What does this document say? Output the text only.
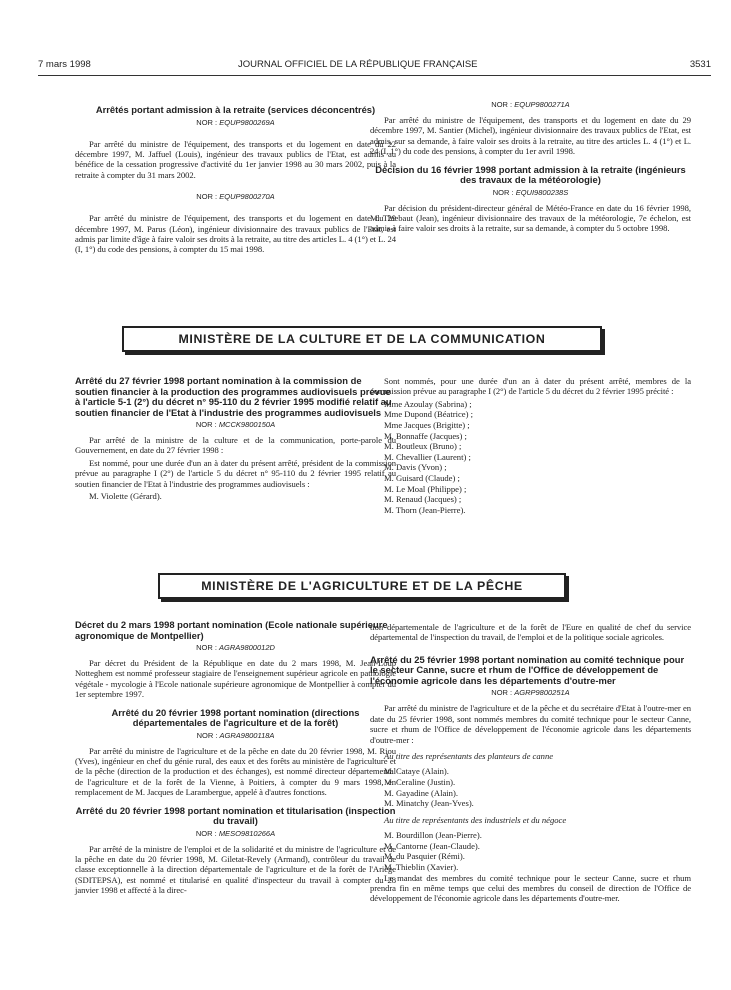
7 mars 1998	JOURNAL OFFICIEL DE LA RÉPUBLIQUE FRANÇAISE	3531
Arrêtés portant admission à la retraite (services déconcentrés)
NOR : EQUP9800269A

Par arrêté du ministre de l'équipement, des transports et du logement en date du 22 décembre 1997, M. Jaffuel (Louis), ingénieur des travaux publics de l'Etat, est admis au bénéfice de la cessation progressive d'activité du 1er janvier 1998 au 30 mars 2002, puis à la retraite à compter du 31 mars 2002.

NOR : EQUP9800270A

Par arrêté du ministre de l'équipement, des transports et du logement en date du 29 décembre 1997, M. Parus (Léon), ingénieur divisionnaire des travaux publics de l'Etat, est admis par limite d'âge à faire valoir ses droits à la retraite, au titre des articles L. 4 (1°) et L. 24 (I, 1°) du code des pensions, à compter du 15 mai 1998.

NOR : EQUP9800271A

Par arrêté du ministre de l'équipement, des transports et du logement en date du 29 décembre 1997, M. Santier (Michel), ingénieur divisionnaire des travaux publics de l'Etat, est admis, sur sa demande, à faire valoir ses droits à la retraite, au titre des articles L. 4 (1°) et L. 24 (I, 1°) du code des pensions, à compter du 1er avril 1998.

Décision du 16 février 1998 portant admission à la retraite (ingénieurs des travaux de la météorologie)
NOR : EQUI9800238S

Par décision du président-directeur général de Météo-France en date du 16 février 1998, M. Thiebaut (Jean), ingénieur divisionnaire des travaux de la météorologie, 7e échelon, est admis à faire valoir ses droits à la retraite, sur sa demande, à compter du 5 octobre 1998.

MINISTÈRE DE LA CULTURE ET DE LA COMMUNICATION
Arrêté du 27 février 1998 portant nomination à la commission de soutien financier à la production des programmes audiovisuels prévue à l'article 5-1 (2°) du décret n° 95-110 du 2 février 1995 modifié relatif au soutien financier de l'Etat à l'industrie des programmes audiovisuels
NOR : MCCK9800150A

Par arrêté de la ministre de la culture et de la communication, porte-parole du Gouvernement, en date du 27 février 1998 :

Est nommé, pour une durée d'un an à dater du présent arrêté, président de la commission prévue au paragraphe I (2°) de l'article 5 du décret n° 95-110 du 2 février 1995 relatif au soutien financier de l'Etat à l'industrie des programmes audiovisuels :

M. Violette (Gérard).

Sont nommés, pour une durée d'un an à dater du présent arrêté, membres de la commission prévue au paragraphe I (2°) de l'article 5 du décret du 2 février 1995 précité :

Mme Azoulay (Sabrina) ;

Mme Dupond (Béatrice) ;

Mme Jacques (Brigitte) ;

M. Bonnaffe (Jacques) ;

M. Boutleux (Bruno) ;

M. Chevallier (Laurent) ;

M. Davis (Yvon) ;

M. Guisard (Claude) ;

M. Le Moal (Philippe) ;

M. Renaud (Jacques) ;

M. Thorn (Jean-Pierre).

MINISTÈRE DE L'AGRICULTURE ET DE LA PÊCHE
Décret du 2 mars 1998 portant nomination (Ecole nationale supérieure agronomique de Montpellier)
NOR : AGRA9800012D

Par décret du Président de la République en date du 2 mars 1998, M. Jean-Loup Notteghem est nommé professeur stagiaire de l'enseignement supérieur agricole en pathologie végétale - mycologie à l'Ecole nationale supérieure agronomique de Montpellier à compter du 1er septembre 1997.

Arrêté du 20 février 1998 portant nomination (directions départementales de l'agriculture et de la forêt)
NOR : AGRA9800118A

Par arrêté du ministre de l'agriculture et de la pêche en date du 20 février 1998, M. Riou (Yves), ingénieur en chef du génie rural, des eaux et des forêts au ministère de l'agriculture et de la pêche (direction de la production et des échanges), est nommé directeur départemental de l'agriculture et de la forêt de la Vienne, à Poitiers, à compter du 9 mars 1998, en remplacement de M. Jacques de Larambergue, appelé à d'autres fonctions.

Arrêté du 20 février 1998 portant nomination et titularisation (inspection du travail)
NOR : MESO9810266A

Par arrêté de la ministre de l'emploi et de la solidarité et du ministre de l'agriculture et de la pêche en date du 20 février 1998, M. Giletat-Revely (Armand), contrôleur du travail de classe exceptionnelle à la direction départementale de l'agriculture et de la forêt de l'Ariège (SDITEPSA), est nommé et titularisé en qualité d'inspecteur du travail à compter du 28 janvier 1998 et affecté à la direc-

tion départementale de l'agriculture et de la forêt de l'Eure en qualité de chef du service départemental de l'inspection du travail, de l'emploi et de la politique sociale agricoles.

Arrêté du 25 février 1998 portant nomination au comité technique pour le secteur Canne, sucre et rhum de l'Office de développement de l'économie agricole dans les départements d'outre-mer
NOR : AGRP9800251A

Par arrêté du ministre de l'agriculture et de la pêche et du secrétaire d'Etat à l'outre-mer en date du 25 février 1998, sont nommés membres du comité technique pour le secteur Canne, sucre et rhum de l'Office de développement de l'économie agricole dans les départements d'outre-mer :

Au titre des représentants des planteurs de canne

M. Cataye (Alain).

M. Ceraline (Justin).

M. Gayadine (Alain).

M. Minatchy (Jean-Yves).

Au titre de représentants des industriels et du négoce

M. Bourdillon (Jean-Pierre).

M. Cantorne (Jean-Claude).

M. du Pasquier (Rémi).

M. Thieblin (Xavier).

Le mandat des membres du comité technique pour le secteur Canne, sucre et rhum prendra fin en même temps que celui des membres du conseil de direction de l'Office de développement de l'économie agricole dans les départements d'outre-mer.
